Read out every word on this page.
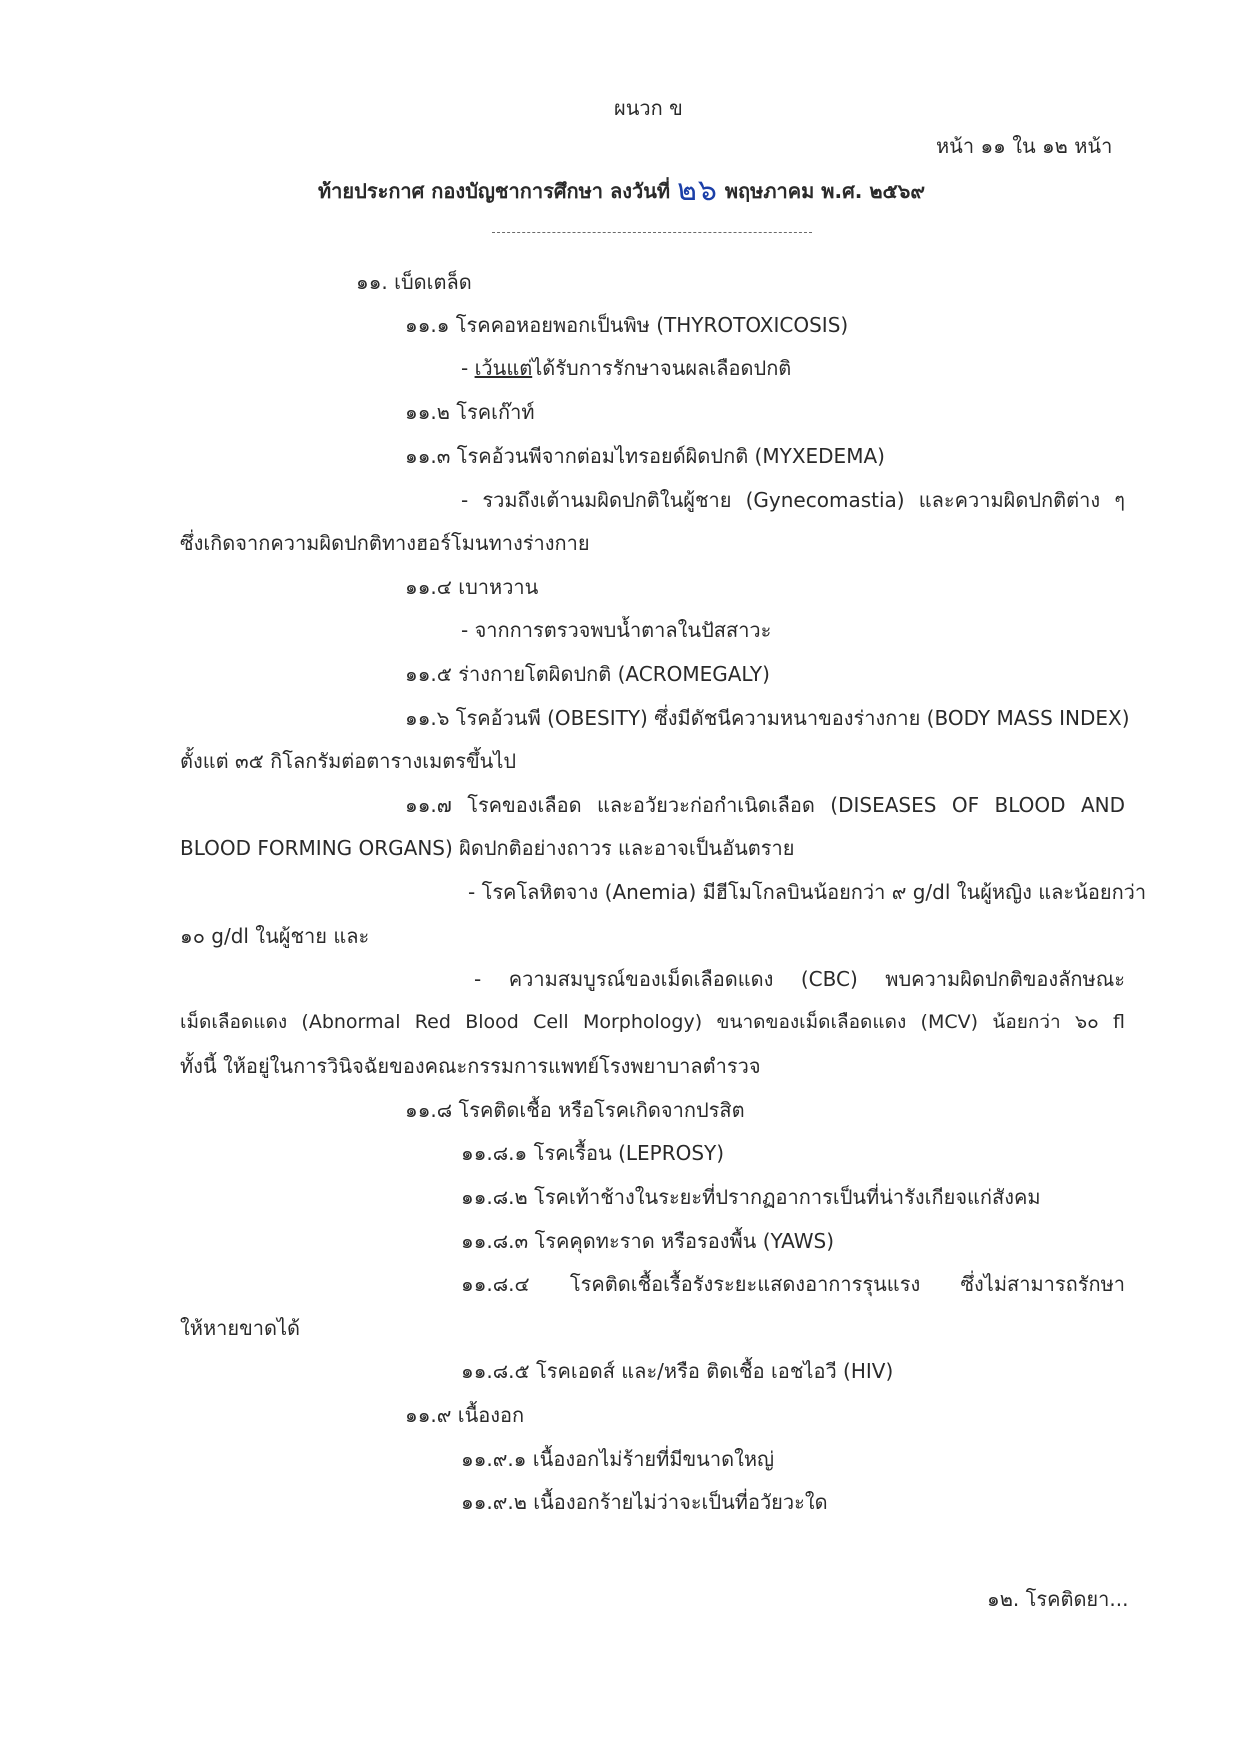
ผนวก ข
หน้า ๑๑ ใน ๑๒ หน้า
ท้ายประกาศ กองบัญชาการศึกษา ลงวันที่ ๒๖ พฤษภาคม พ.ศ. ๒๕๖๙
๑๑. เบ็ดเตล็ด
๑๑.๑ โรคคอหอยพอกเป็นพิษ (THYROTOXICOSIS)
- เว้นแต่ได้รับการรักษาจนผลเลือดปกติ
๑๑.๒ โรคเก๊าท์
๑๑.๓ โรคอ้วนพีจากต่อมไทรอยด์ผิดปกติ (MYXEDEMA)
- รวมถึงเต้านมผิดปกติในผู้ชาย (Gynecomastia) และความผิดปกติต่าง ๆ
ซึ่งเกิดจากความผิดปกติทางฮอร์โมนทางร่างกาย
๑๑.๔ เบาหวาน
- จากการตรวจพบน้ำตาลในปัสสาวะ
๑๑.๕ ร่างกายโตผิดปกติ (ACROMEGALY)
๑๑.๖ โรคอ้วนพี (OBESITY) ซึ่งมีดัชนีความหนาของร่างกาย (BODY MASS INDEX)
ตั้งแต่ ๓๕ กิโลกรัมต่อตารางเมตรขึ้นไป
๑๑.๗ โรคของเลือด และอวัยวะก่อกำเนิดเลือด (DISEASES OF BLOOD AND
BLOOD FORMING ORGANS) ผิดปกติอย่างถาวร และอาจเป็นอันตราย
- โรคโลหิตจาง (Anemia) มีฮีโมโกลบินน้อยกว่า ๙ g/dl ในผู้หญิง และน้อยกว่า
๑๐ g/dl ในผู้ชาย และ
- ความสมบูรณ์ของเม็ดเลือดแดง (CBC) พบความผิดปกติของลักษณะ
เม็ดเลือดแดง (Abnormal Red Blood Cell Morphology) ขนาดของเม็ดเลือดแดง (MCV) น้อยกว่า ๖๐ fl
ทั้งนี้ ให้อยู่ในการวินิจฉัยของคณะกรรมการแพทย์โรงพยาบาลตำรวจ
๑๑.๘ โรคติดเชื้อ หรือโรคเกิดจากปรสิต
๑๑.๘.๑ โรคเรื้อน (LEPROSY)
๑๑.๘.๒ โรคเท้าช้างในระยะที่ปรากฏอาการเป็นที่น่ารังเกียจแก่สังคม
๑๑.๘.๓ โรคคุดทะราด หรือรองพื้น (YAWS)
๑๑.๘.๔ โรคติดเชื้อเรื้อรังระยะแสดงอาการรุนแรง ซึ่งไม่สามารถรักษา
ให้หายขาดได้
๑๑.๘.๕ โรคเอดส์ และ/หรือ ติดเชื้อ เอชไอวี (HIV)
๑๑.๙ เนื้องอก
๑๑.๙.๑ เนื้องอกไม่ร้ายที่มีขนาดใหญ่
๑๑.๙.๒ เนื้องอกร้ายไม่ว่าจะเป็นที่อวัยวะใด
๑๒. โรคติดยา...
